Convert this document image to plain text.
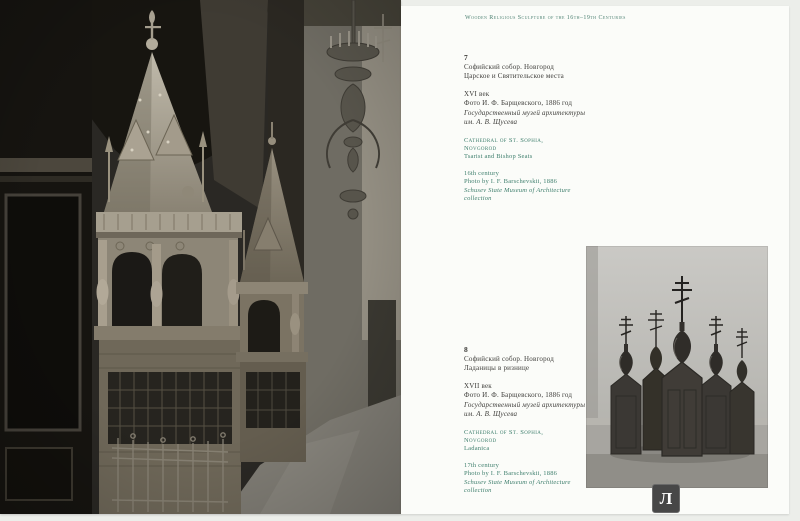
Wooden Religious Sculpture of the 16th–19th Centuries
7
Софийский собор. Новгород
Царское и Святительское места
XVI век
Фото И. Ф. Барщевского, 1886 год
Государственный музей архитектуры
им. А. В. Щусева
Cathedral of St. Sophia,
Novgorod
Tsarist and Bishop Seats
16th century
Photo by I. F. Barschevskii, 1886
Schusev State Museum of Architecture
collection
8
Софийский собор. Новгород
Ладаницы в ризнице
XVII век
Фото И. Ф. Барщевского, 1886 год
Государственный музей архитектуры
им. А. В. Щусева
Cathedral of St. Sophia,
Novgorod
Ladanica
17th century
Photo by I. F. Barschevskii, 1886
Schusev State Museum of Architecture
collection	Л
